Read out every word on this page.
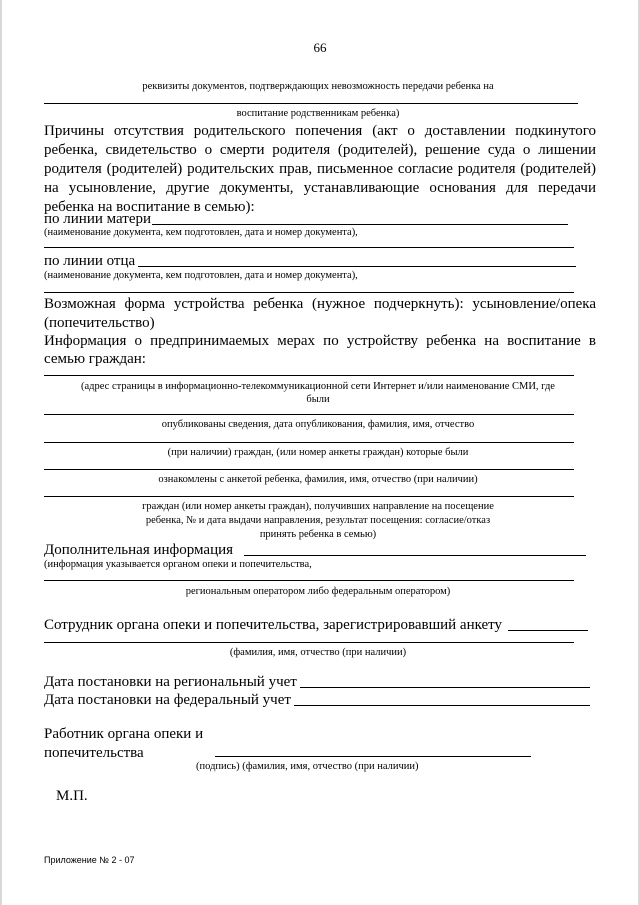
66
реквизиты документов, подтверждающих невозможность передачи ребенка на
воспитание родственникам ребенка)
Причины отсутствия родительского попечения (акт о доставлении подкинутого
ребенка, свидетельство о смерти родителя (родителей), решение суда о лишении
родителя (родителей) родительских прав, письменное согласие родителя (родителей)
на усыновление, другие документы, устанавливающие основания для передачи
ребенка на воспитание в семью):
по линии матери
(наименование документа, кем подготовлен, дата и номер документа),
по линии отца
(наименование документа, кем подготовлен, дата и номер документа),
Возможная форма устройства ребенка (нужное подчеркнуть): усыновление/опека
(попечительство)
Информация о предпринимаемых мерах по устройству ребенка на воспитание в
семью граждан:
(адрес страницы в информационно-телекоммуникационной сети Интернет и/или наименование СМИ, где
были
опубликованы сведения, дата опубликования, фамилия, имя, отчество
(при наличии) граждан, (или номер анкеты граждан) которые были
ознакомлены с анкетой ребенка, фамилия, имя, отчество (при наличии)
граждан (или номер анкеты граждан), получивших направление на посещение
ребенка, № и дата выдачи направления, результат посещения: согласие/отказ
принять ребенка в семью)
Дополнительная информация
(информация указывается органом опеки и попечительства,
региональным оператором либо федеральным оператором)
Сотрудник органа опеки и попечительства, зарегистрировавший анкету
(фамилия, имя, отчество (при наличии)
Дата постановки на региональный учет
Дата постановки на федеральный учет
Работник органа опеки и
попечительства
(подпись) (фамилия, имя, отчество (при наличии)
М.П.
Приложение № 2 - 07
